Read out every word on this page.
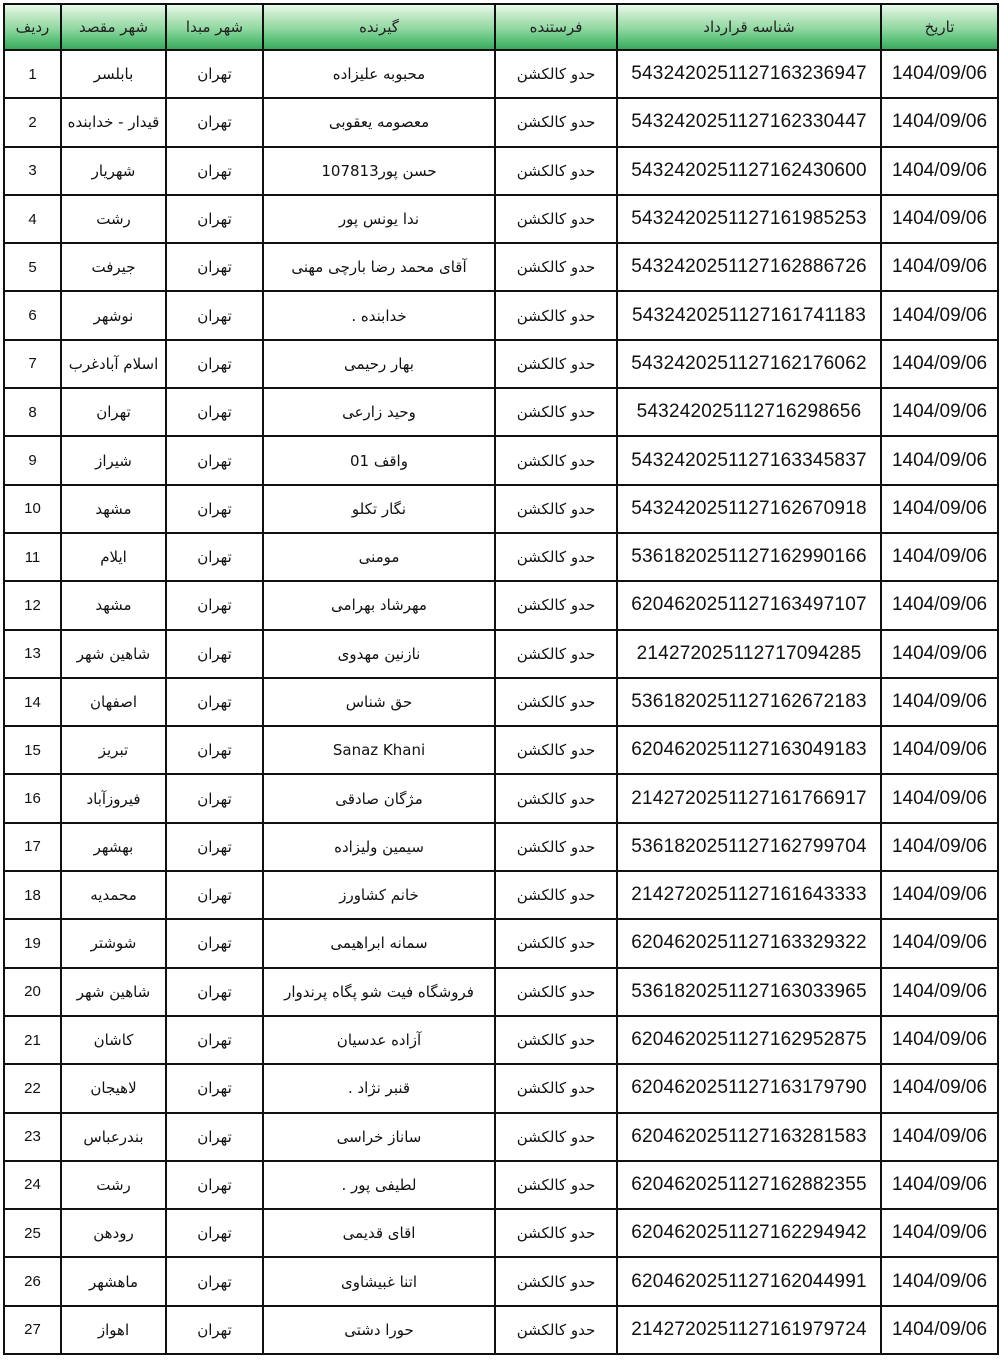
ردیف	شهر مقصد	شهر مبدا	گیرنده	فرستنده	شناسه قرارداد	تاریخ
1	بابلسر	تهران	محبوبه علیزاده	حدو کالکشن	5432420251127163236947	1404/09/06
2	قیدار - خدابنده	تهران	معصومه یعقوبی	حدو کالکشن	5432420251127162330447	1404/09/06
3	شهریار	تهران	حسن پور107813	حدو کالکشن	5432420251127162430600	1404/09/06
4	رشت	تهران	ندا یونس پور	حدو کالکشن	5432420251127161985253	1404/09/06
5	جیرفت	تهران	آقای محمد رضا بارچی مهنی	حدو کالکشن	5432420251127162886726	1404/09/06
6	نوشهر	تهران	خدابنده .	حدو کالکشن	5432420251127161741183	1404/09/06
7	اسلام آبادغرب	تهران	بهار رحیمی	حدو کالکشن	5432420251127162176062	1404/09/06
8	تهران	تهران	وحید زارعی	حدو کالکشن	543242025112716298656	1404/09/06
9	شیراز	تهران	واقف 01	حدو کالکشن	5432420251127163345837	1404/09/06
10	مشهد	تهران	نگار تکلو	حدو کالکشن	5432420251127162670918	1404/09/06
11	ایلام	تهران	مومنی	حدو کالکشن	5361820251127162990166	1404/09/06
12	مشهد	تهران	مهرشاد بهرامی	حدو کالکشن	6204620251127163497107	1404/09/06
13	شاهین شهر	تهران	نازنین مهدوی	حدو کالکشن	214272025112717094285	1404/09/06
14	اصفهان	تهران	حق شناس	حدو کالکشن	5361820251127162672183	1404/09/06
15	تبریز	تهران	Sanaz Khani	حدو کالکشن	6204620251127163049183	1404/09/06
16	فیروزآباد	تهران	مژگان صادقی	حدو کالکشن	2142720251127161766917	1404/09/06
17	بهشهر	تهران	سیمین ولیزاده	حدو کالکشن	5361820251127162799704	1404/09/06
18	محمدیه	تهران	خانم کشاورز	حدو کالکشن	2142720251127161643333	1404/09/06
19	شوشتر	تهران	سمانه ابراهیمی	حدو کالکشن	6204620251127163329322	1404/09/06
20	شاهین شهر	تهران	فروشگاه فیت شو پگاه پرندوار	حدو کالکشن	5361820251127163033965	1404/09/06
21	کاشان	تهران	آزاده عدسیان	حدو کالکشن	6204620251127162952875	1404/09/06
22	لاهیجان	تهران	قنبر نژاد .	حدو کالکشن	6204620251127163179790	1404/09/06
23	بندرعباس	تهران	ساناز خراسی	حدو کالکشن	6204620251127163281583	1404/09/06
24	رشت	تهران	لطیفی پور .	حدو کالکشن	6204620251127162882355	1404/09/06
25	رودهن	تهران	اقای قدیمی	حدو کالکشن	6204620251127162294942	1404/09/06
26	ماهشهر	تهران	اتنا غبیشاوی	حدو کالکشن	6204620251127162044991	1404/09/06
27	اهواز	تهران	حورا دشتی	حدو کالکشن	2142720251127161979724	1404/09/06
